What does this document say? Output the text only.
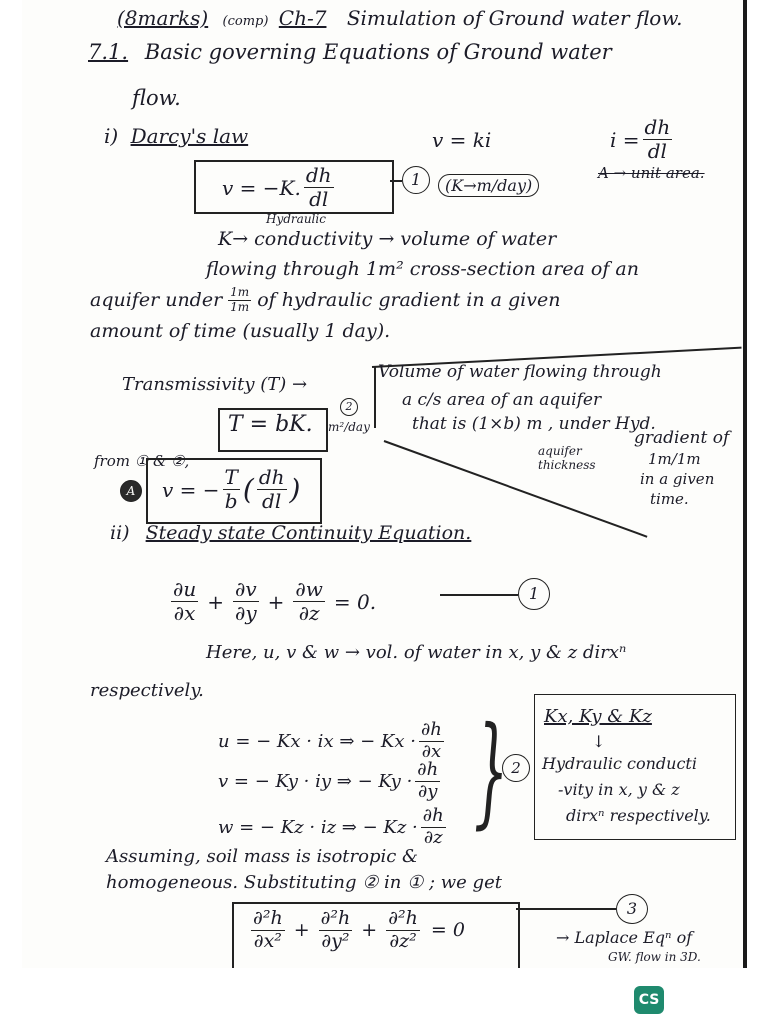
(8marks) (comp) Ch-7 Simulation of Ground water flow.
7.1. Basic governing Equations of Ground water
flow.
i) Darcy's law	v = ki	$i = \frac{dh}{dl}$
A → unit area.
v = −K. $\frac{dh}{dl}$	1	(K→m/day)
Hydraulic
K→ conductivity → volume of water
flowing through 1m² cross-section area of an
aquifer under $\frac{1m}{1m}$ of hydraulic gradient in a given
amount of time (usually 1 day).
Transmissivity (T) →
Volume of water flowing through
a c/s area of an aquifer
that is (1×b) m , under Hyd.
gradient of
1m/1m
in a given
time.
aquifer
thickness
T = bK.
2
m²/day
from ① & ②,
A	v = − $\frac{T}{b}$ ( $\frac{dh}{dl}$ )
ii) Steady state Continuity Equation.
$\frac{\partial u}{\partial x} + \frac{\partial v}{\partial y} + \frac{\partial w}{\partial z} = 0$.	1
Here, u, v & w → vol. of water in x, y & z dirxⁿ
respectively.
u = − Kx · ix ⇒ − $Kx \cdot \frac{\partial h}{\partial x}$
v = − Ky · iy ⇒ − $Ky \cdot \frac{\partial h}{\partial y}$
w = − Kz · iz ⇒ − $Kz \cdot \frac{\partial h}{\partial z}$ } 2
Kx, Ky & Kz
↓
Hydraulic conducti
-vity in x, y & z
dirxⁿ respectively.
Assuming, soil mass is isotropic &
homogeneous. Substituting ② in ① ; we get
$\frac{\text{∂²h}}{\text{∂x²}} + \frac{\text{∂²h}}{\text{∂y²}} + \frac{\text{∂²h}}{\text{∂z²}} = 0$
3
→ Laplace Eqⁿ of
GW. flow in 3D.
CS
